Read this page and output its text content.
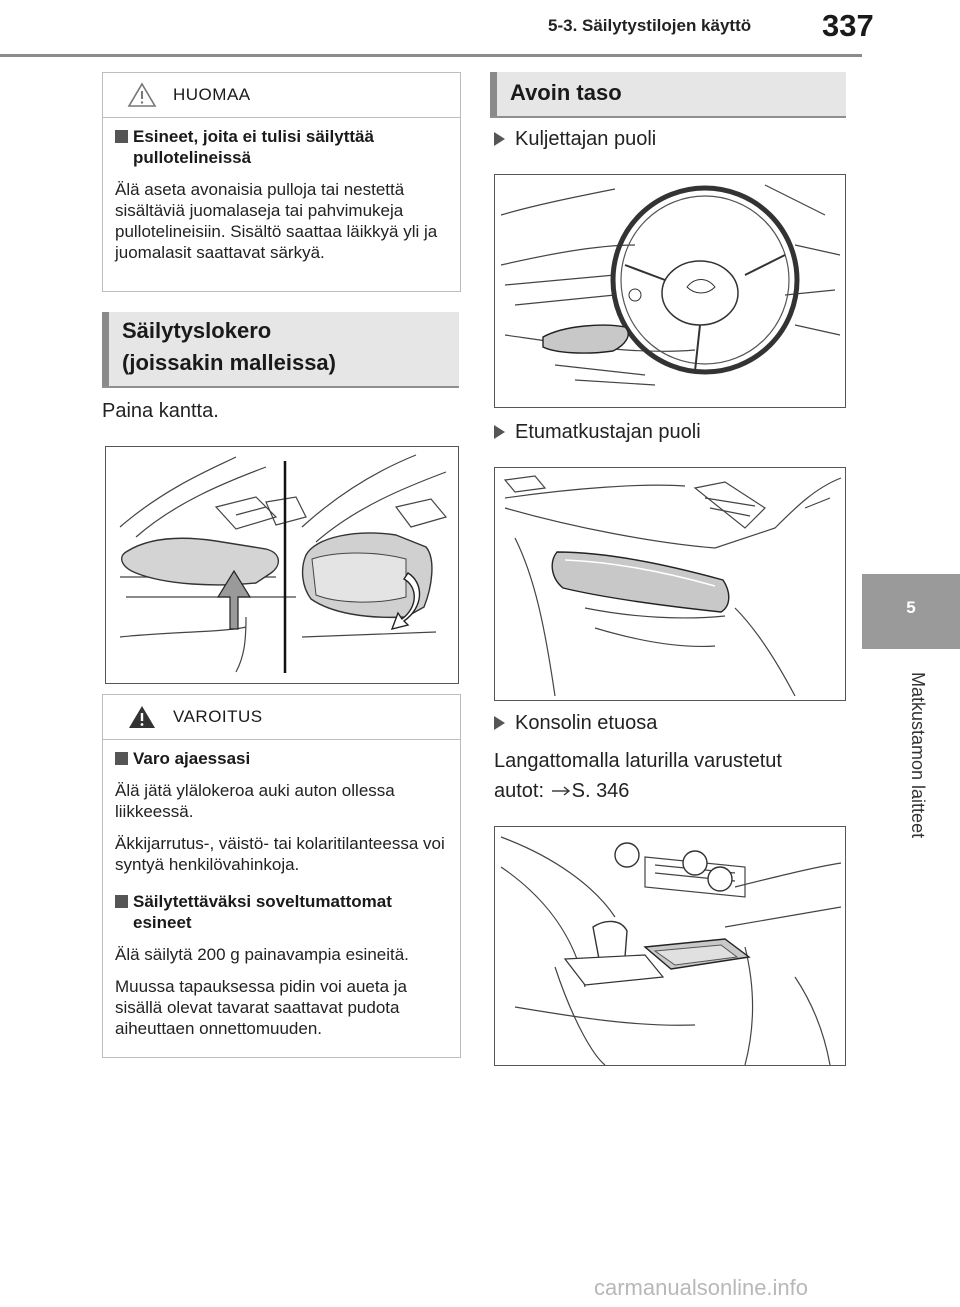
5-3. Säilytystilojen käyttö 337
5
Matkustamon laitteet
HUOMAA
Esineet, joita ei tulisi säilyttää pullotelineissä
Älä aseta avonaisia pulloja tai nestettä sisältäviä juomalaseja tai pahvimukeja pullotelineisiin. Sisältö saattaa läikkyä yli ja juomalasit saattavat särkyä.
Säilytyslokero
(joissakin malleissa)
Paina kantta.
VAROITUS
Varo ajaessasi
Älä jätä ylälokeroa auki auton ollessa liikkeessä.
Äkkijarrutus-, väistö- tai kolaritilanteessa voi syntyä henkilövahinkoja.
Säilytettäväksi soveltumattomat esineet
Älä säilytä 200 g painavampia esineitä.
Muussa tapauksessa pidin voi aueta ja sisällä olevat tavarat saattavat pudota aiheuttaen onnettomuuden.
Avoin taso
Kuljettajan puoli
Etumatkustajan puoli
Konsolin etuosa
Langattomalla laturilla varustetut
autot: S. 346
carmanualsonline.info
